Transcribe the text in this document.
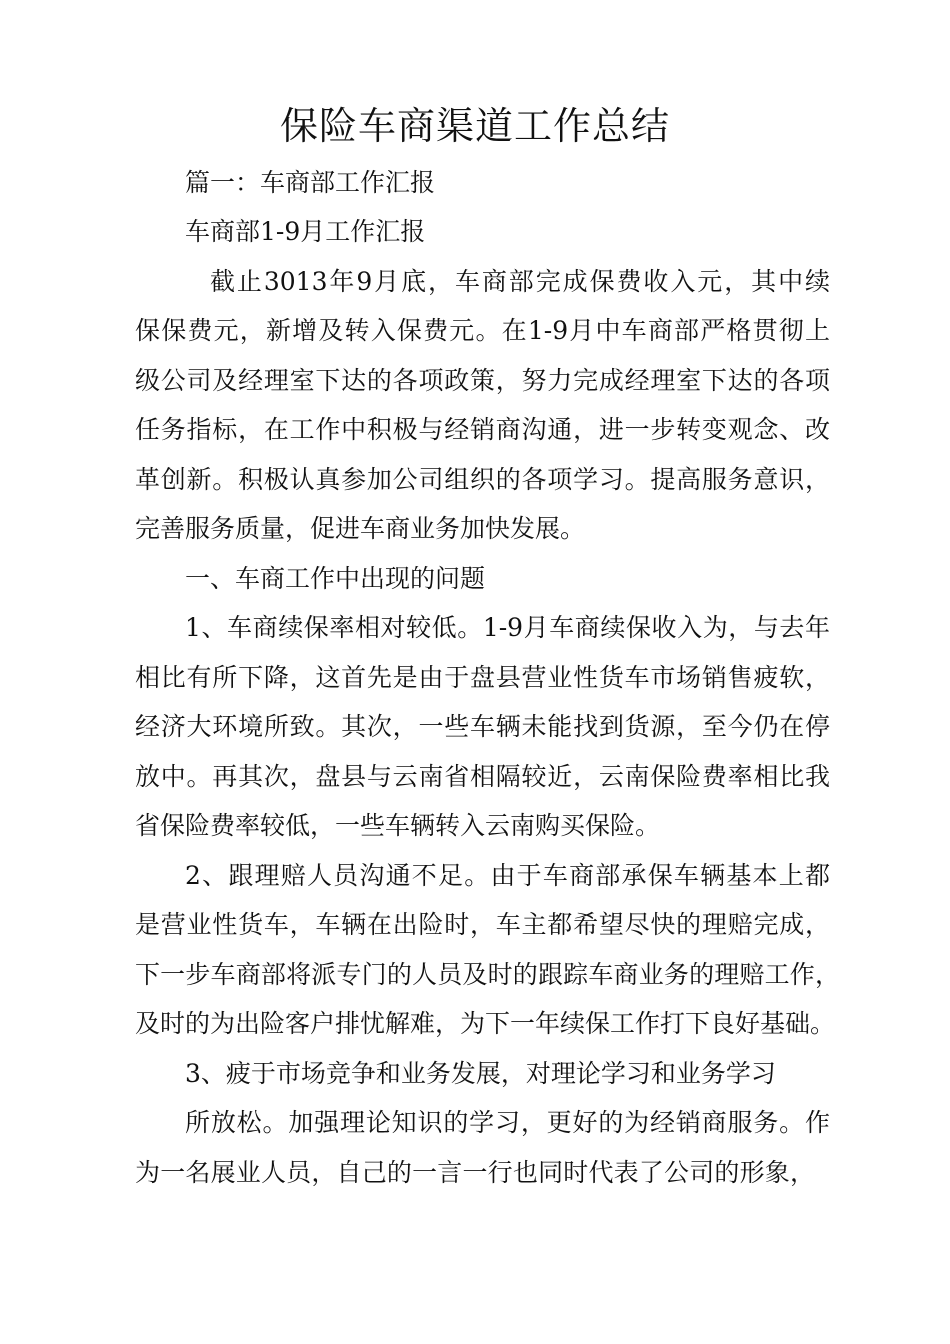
保险车商渠道工作总结
篇一：车商部工作汇报
车商部1-9月工作汇报
截止3013年9月底，车商部完成保费收入元，其中续
保保费元，新增及转入保费元。在1-9月中车商部严格贯彻上
级公司及经理室下达的各项政策，努力完成经理室下达的各项
任务指标，在工作中积极与经销商沟通，进一步转变观念、改
革创新。积极认真参加公司组织的各项学习。提高服务意识，
完善服务质量，促进车商业务加快发展。
一、车商工作中出现的问题
1、车商续保率相对较低。1-9月车商续保收入为，与去年
相比有所下降，这首先是由于盘县营业性货车市场销售疲软，
经济大环境所致。其次，一些车辆未能找到货源，至今仍在停
放中。再其次，盘县与云南省相隔较近，云南保险费率相比我
省保险费率较低，一些车辆转入云南购买保险。
2、跟理赔人员沟通不足。由于车商部承保车辆基本上都
是营业性货车，车辆在出险时，车主都希望尽快的理赔完成，
下一步车商部将派专门的人员及时的跟踪车商业务的理赔工作，
及时的为出险客户排忧解难，为下一年续保工作打下良好基础。
3、疲于市场竞争和业务发展，对理论学习和业务学习
所放松。加强理论知识的学习，更好的为经销商服务。作
为一名展业人员，自己的一言一行也同时代表了公司的形象，
